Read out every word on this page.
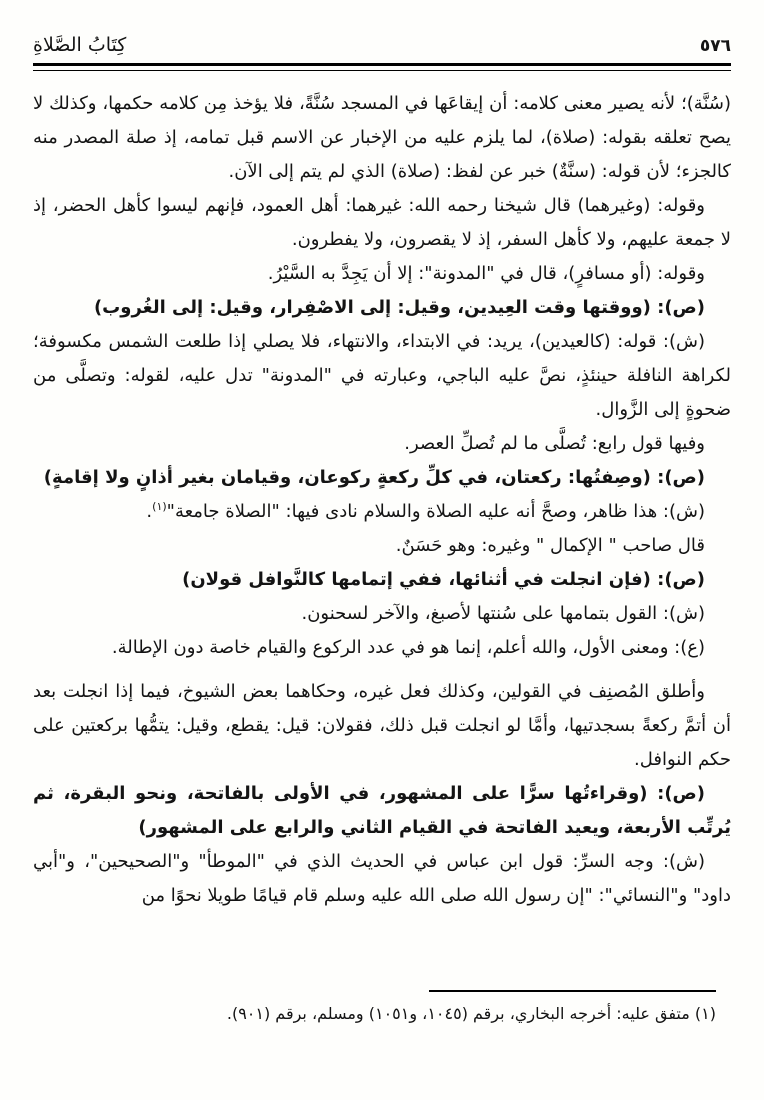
٥٧٦
كِتَابُ الصَّلاةِ

(سُنَّة)؛ لأنه يصير معنى كلامه: أن إيقاعَها في المسجد سُنَّةً، فلا يؤخذ مِن كلامه حكمها، وكذلك لا يصح تعلقه بقوله: (صلاة)، لما يلزم عليه من الإخبار عن الاسم قبل تمامه، إذ صلة المصدر منه كالجزء؛ لأن قوله: (سنَّةٌ) خبر عن لفظ: (صلاة) الذي لم يتم إلى الآن.

وقوله: (وغيرهما) قال شيخنا رحمه الله: غيرهما: أهل العمود، فإنهم ليسوا كأهل الحضر، إذ لا جمعة عليهم، ولا كأهل السفر، إذ لا يقصرون، ولا يفطرون.

وقوله: (أو مسافرٍ)، قال في "المدونة": إلا أن يَجِدَّ به السَّيْرُ.

(ص): (ووقتها وقت العِيدين، وقيل: إلى الاصْفِرار، وقيل: إلى الغُروب)

(ش): قوله: (كالعيدين)، يريد: في الابتداء، والانتهاء، فلا يصلي إذا طلعت الشمس مكسوفة؛ لكراهة النافلة حينئذٍ، نصَّ عليه الباجي، وعبارته في "المدونة" تدل عليه، لقوله: وتصلَّى من ضحوةٍ إلى الزَّوال.

وفيها قول رابع: تُصلَّى ما لم تُصلِّ العصر.

(ص): (وصِفتُها: ركعتان، في كلِّ ركعةٍ ركوعان، وقيامان بغير أذانٍ ولا إقامةٍ)

(ش): هذا ظاهر، وصحَّ أنه عليه الصلاة والسلام نادى فيها: "الصلاة جامعة"$^{(١)}$.

قال صاحب " الإكمال " وغيره: وهو حَسَنٌ.

(ص): (فإن انجلت في أثنائها، ففي إتمامها كالنَّوافل قولان)

(ش): القول بتمامها على سُنتها لأصبغ، والآخر لسحنون.

(ع): ومعنى الأول، والله أعلم، إنما هو في عدد الركوع والقيام خاصة دون الإطالة.

وأطلق المُصنِف في القولين، وكذلك فعل غيره، وحكاهما بعض الشيوخ، فيما إذا انجلت بعد أن أتمَّ ركعةً بسجدتيها، وأمَّا لو انجلت قبل ذلك، فقولان: قيل: يقطع، وقيل: يتمُّها بركعتين على حكم النوافل.

(ص): (وقراءتُها سرًّا على المشهور، في الأولى بالفاتحة، ونحو البقرة، ثم يُرتِّب الأربعة، ويعيد الفاتحة في القيام الثاني والرابع على المشهور)

(ش): وجه السرِّ: قول ابن عباس في الحديث الذي في "الموطأ" و"الصحيحين"، و"أبي داود" و"النسائي": "إن رسول الله صلى الله عليه وسلم قام قيامًا طويلا نحوًا من

(١) متفق عليه: أخرجه البخاري، برقم (١٠٤٥، و١٠٥١) ومسلم، برقم (٩٠١).
